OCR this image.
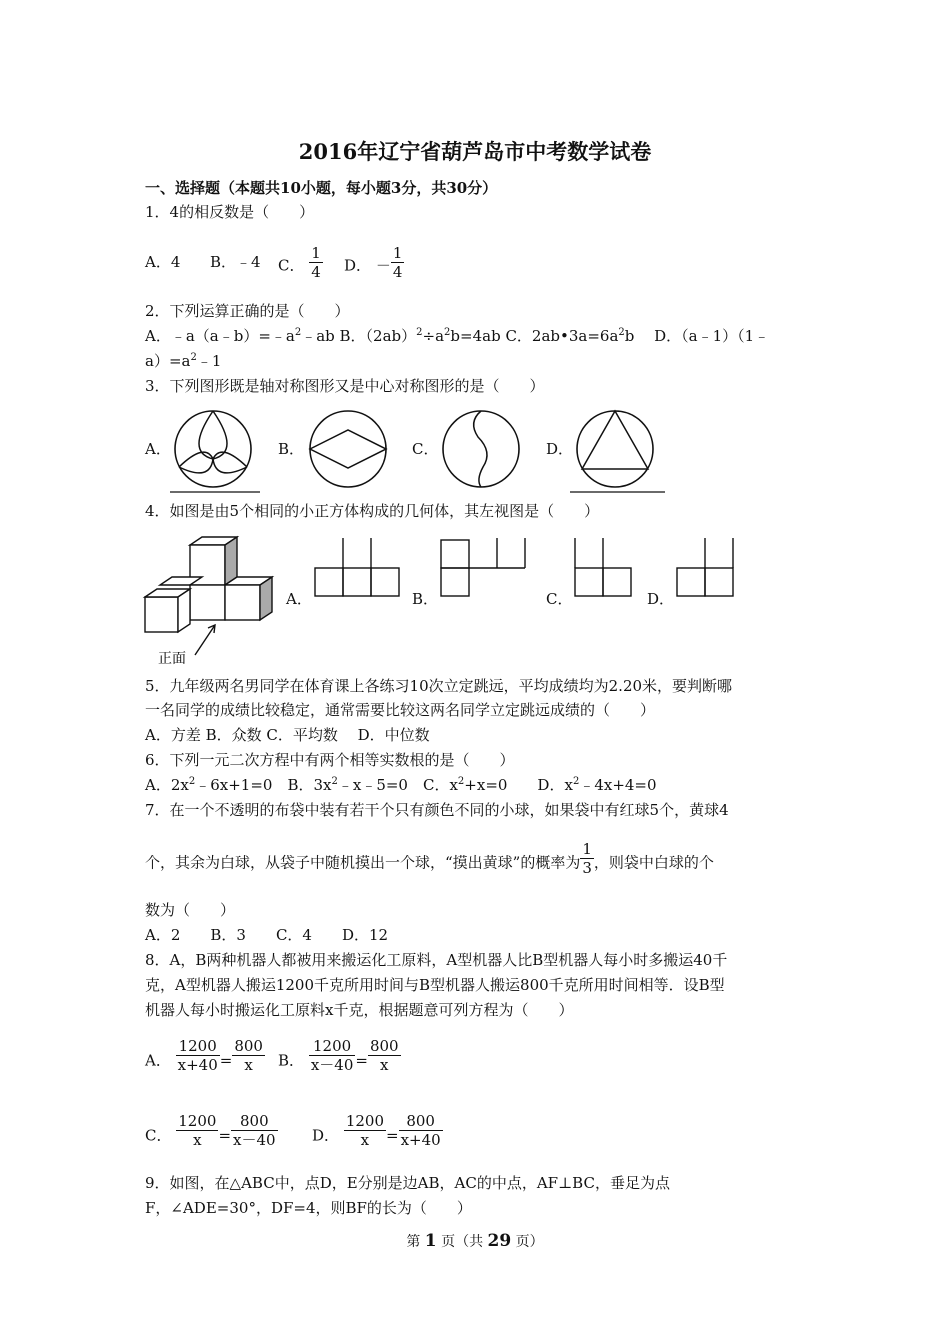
2016年辽宁省葫芦岛市中考数学试卷
一、选择题（本题共10小题，每小题3分，共30分）
1．4的相反数是（　　）
A．4 B．﹣4 C． $\frac{1}{4}$ D． － $\frac{1}{4}$
2．下列运算正确的是（　　）
A．$﹣a(a﹣b)=﹣a^2﹣ab$ B．$(2ab)^2\div a^2b=4ab$ C．$2ab•3a=6a^2b$　 D．（a﹣1）（1﹣
$a)=a^2﹣1$
3．下列图形既是轴对称图形又是中心对称图形的是（　　）
A．	B．	C．	D．
4．如图是由5个相同的小正方体构成的几何体，其左视图是（　　）
正面
A．	B．	C．	D．
5．九年级两名男同学在体育课上各练习10次立定跳远，平均成绩均为2.20米，要判断哪
一名同学的成绩比较稳定，通常需要比较这两名同学立定跳远成绩的（　　）
A．方差 B．众数 C．平均数　 D．中位数
6．下列一元二次方程中有两个相等实数根的是（　　）
A．$2x^2﹣6x+1=0$　B．$3x^2﹣x﹣5=0$　C．$x^2+x=0$　　D．$x^2﹣4x+4=0$
7．在一个不透明的布袋中装有若干个只有颜色不同的小球，如果袋中有红球5个，黄球4
个，其余为白球，从袋子中随机摸出一个球，“摸出黄球”的概率为 $\frac{1}{3}$ ，则袋中白球的个
数为（　　）
A．2　　B．3　　C．4　　D．12
8．A，B两种机器人都被用来搬运化工原料，A型机器人比B型机器人每小时多搬运40千
克，A型机器人搬运1200千克所用时间与B型机器人搬运800千克所用时间相等．设B型
机器人每小时搬运化工原料x千克，根据题意可列方程为（　　）
A． $\frac{1200}{x+40} = \frac{800}{x}$ B． $\frac{1200}{x-40} = \frac{800}{x}$
C． $\frac{1200}{x} = \frac{800}{x-40}$ D． $\frac{1200}{x} = \frac{800}{x+40}$
9．如图，在△ABC中，点D，E分别是边AB，AC的中点，AF⊥BC，垂足为点
F，∠ADE=30°，DF=4，则BF的长为（　　）
第 1 页（共 29 页）
